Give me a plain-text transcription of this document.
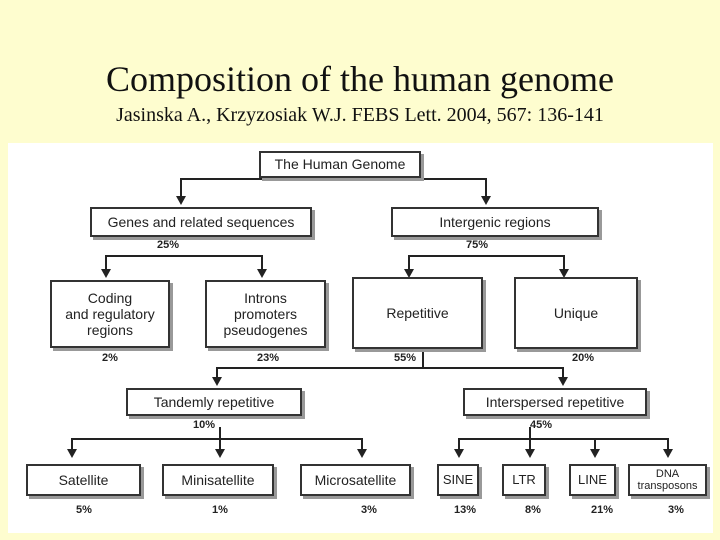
Composition of the human genome
Jasinska A., Krzyzosiak W.J. FEBS Lett. 2004, 567: 136-141
The Human Genome
Genes and related sequences
25%
Intergenic regions
75%
Coding
and regulatory
regions
2%
Introns
promoters
pseudogenes
23%
Repetitive
55%
Unique
20%
Tandemly repetitive
10%
Interspersed repetitive
45%
Satellite
5%
Minisatellite
1%
Microsatellite
3%
SINE
13%
LTR
8%
LINE
21%
DNA
transposons
3%
